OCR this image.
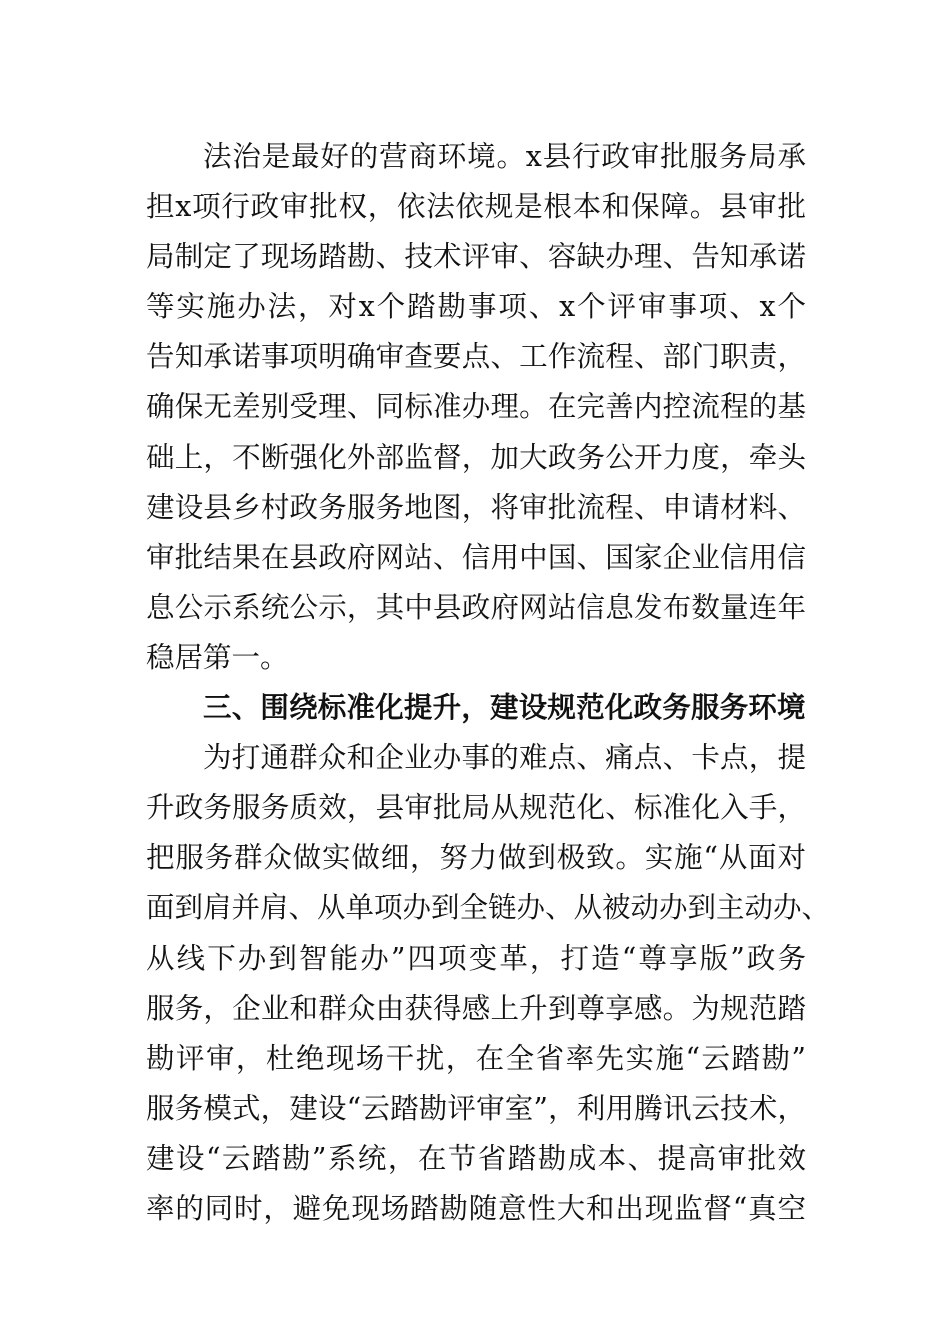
法治是最好的营商环境。x县行政审批服务局承
担x项行政审批权，依法依规是根本和保障。县审批
局制定了现场踏勘、技术评审、容缺办理、告知承诺
等实施办法，对x个踏勘事项、x个评审事项、x个
告知承诺事项明确审查要点、工作流程、部门职责，
确保无差别受理、同标准办理。在完善内控流程的基
础上，不断强化外部监督，加大政务公开力度，牵头
建设县乡村政务服务地图，将审批流程、申请材料、
审批结果在县政府网站、信用中国、国家企业信用信
息公示系统公示，其中县政府网站信息发布数量连年
稳居第一。
三、围绕标准化提升，建设规范化政务服务环境
为打通群众和企业办事的难点、痛点、卡点，提
升政务服务质效，县审批局从规范化、标准化入手，
把服务群众做实做细，努力做到极致。实施“从面对
面到肩并肩、从单项办到全链办、从被动办到主动办、
从线下办到智能办”四项变革，打造“尊享版”政务
服务，企业和群众由获得感上升到尊享感。为规范踏
勘评审，杜绝现场干扰，在全省率先实施“云踏勘”
服务模式，建设“云踏勘评审室”，利用腾讯云技术，
建设“云踏勘”系统，在节省踏勘成本、提高审批效
率的同时，避免现场踏勘随意性大和出现监督“真空
